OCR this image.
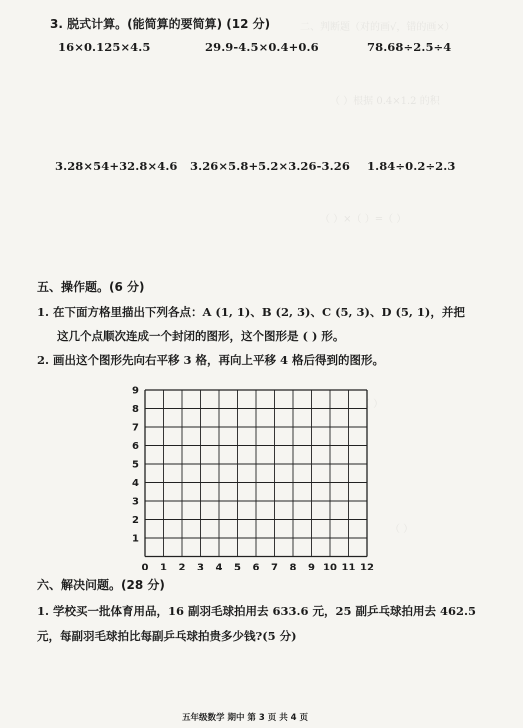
二、判断题（对的画√，错的画×）
（ ）根据 0.4×1.2 的积
（ ）×（ ）=（ ）
（ ）
（ ）
3. 脱式计算。(能简算的要简算) (12 分)
16×0.125×4.5	29.9-4.5×0.4+0.6	78.68÷2.5÷4
3.28×54+32.8×4.6 3.26×5.8+5.2×3.26-3.26 1.84÷0.2÷2.3
五、操作题。(6 分)
1. 在下面方格里描出下列各点：A (1, 1)、B (2, 3)、C (5, 3)、D (5, 1)，并把
这几个点顺次连成一个封闭的图形，这个图形是 ( ) 形。
2. 画出这个图形先向右平移 3 格，再向上平移 4 格后得到的图形。
0 1 2 3 4 5 6 7 8 9 10 11 12
1
2
3
4
5
6
7
8
9
六、解决问题。(28 分)
1. 学校买一批体育用品，16 副羽毛球拍用去 633.6 元，25 副乒乓球拍用去 462.5
元，每副羽毛球拍比每副乒乓球拍贵多少钱?(5 分)
五年级数学 期中 第 3 页 共 4 页
